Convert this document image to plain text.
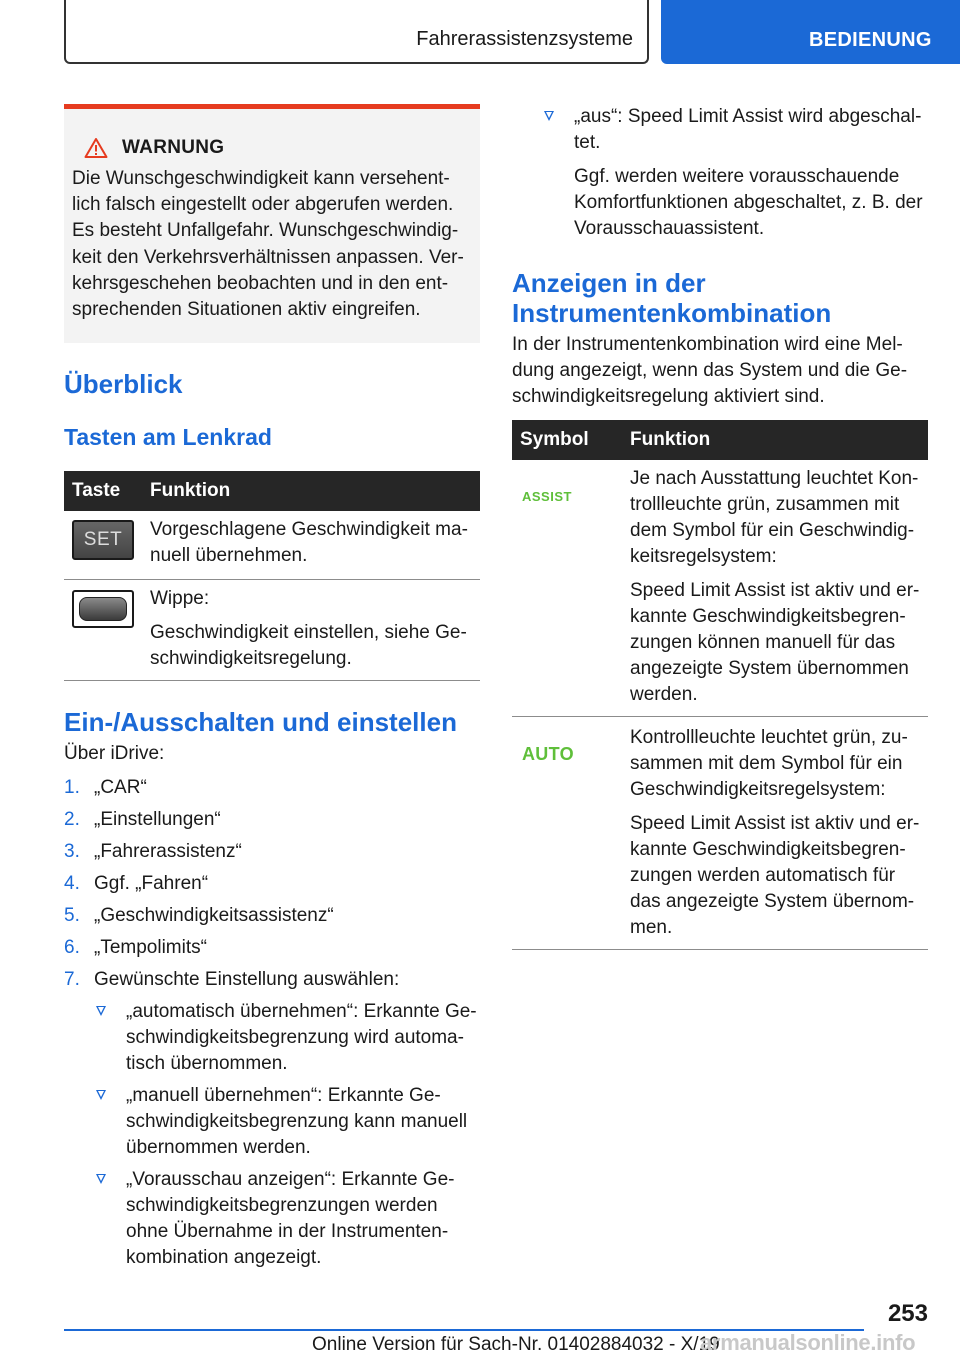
Fahrerassistenzsysteme	BEDIENUNG
WARNUNG

Die Wunschgeschwindigkeit kann versehentlich falsch eingestellt oder abgerufen werden. Es besteht Unfallgefahr. Wunschgeschwindigkeit den Verkehrsverhältnissen anpassen. Verkehrsgeschehen beobachten und in den entsprechenden Situationen aktiv eingreifen.

Überblick
Tasten am Lenkrad
Taste	Funktion

SET	Vorgeschlagene Geschwindigkeit manuell übernehmen.

	Wippe:

Geschwindigkeit einstellen, siehe Geschwindigkeitsregelung.

Ein-/Ausschalten und einstellen

Über iDrive:

1. „CAR“
2. „Einstellungen“
3. „Fahrerassistenz“
4. Ggf. „Fahren“
5. „Geschwindigkeitsassistenz“
6. „Tempolimits“
7. Gewünschte Einstellung auswählen:
„automatisch übernehmen“: Erkannte Geschwindigkeitsbegrenzung wird automatisch übernommen.
„manuell übernehmen“: Erkannte Geschwindigkeitsbegrenzung kann manuell übernommen werden.
„Vorausschau anzeigen“: Erkannte Geschwindigkeitsbegrenzungen werden ohne Übernahme in der Instrumentenkombination angezeigt.

„aus“: Speed Limit Assist wird abgeschaltet.

Ggf. werden weitere vorausschauende Komfortfunktionen abgeschaltet, z. B. der Vorausschauassistent.

Anzeigen in der Instrumentenkombination

In der Instrumentenkombination wird eine Meldung angezeigt, wenn das System und die Geschwindigkeitsregelung aktiviert sind.

Symbol	Funktion
ASSIST	Je nach Ausstattung leuchtet Kontrollleuchte grün, zusammen mit dem Symbol für ein Geschwindigkeitsregelsystem:

Speed Limit Assist ist aktiv und erkannte Geschwindigkeitsbegrenzungen können manuell für das angezeigte System übernommen werden.

AUTO	Kontrollleuchte leuchtet grün, zusammen mit dem Symbol für ein Geschwindigkeitsregelsystem:

Speed Limit Assist ist aktiv und erkannte Geschwindigkeitsbegrenzungen werden automatisch für das angezeigte System übernommen.

253
Online Version für Sach-Nr. 01402884032 - X/19
armanualsonline.info
